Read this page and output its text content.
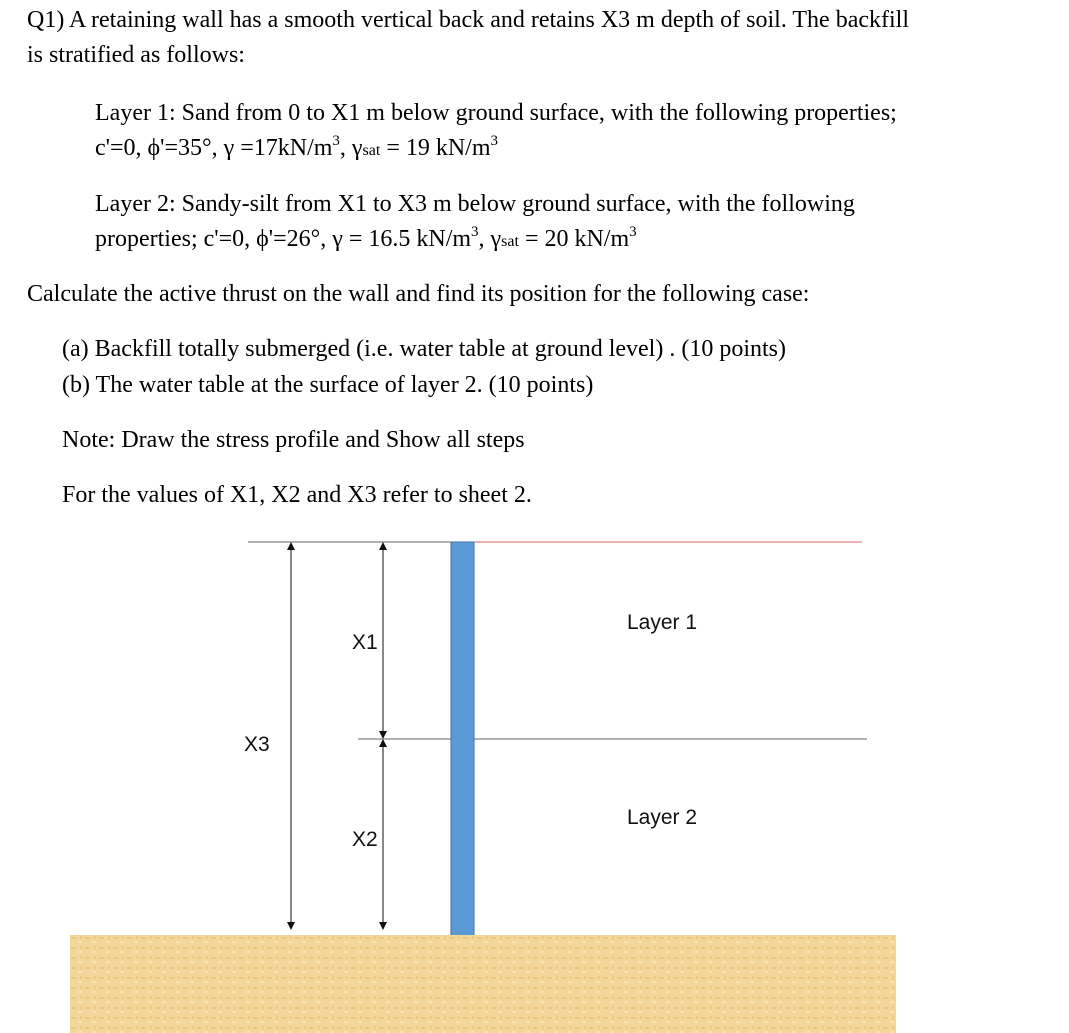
Q1) A retaining wall has a smooth vertical back and retains X3 m depth of soil. The backfill
is stratified as follows:

Layer 1: Sand from 0 to X1 m below ground surface, with the following properties;
c'=0, ϕ'=35°, $\gamma =17kN/m^3$, γsat = 19 $kN/m^3$

Layer 2: Sandy-silt from X1 to X3 m below ground surface, with the following
properties; c'=0, ϕ'=26°, γ = 16.5 $kN/m^3$, γsat = 20 $kN/m^3$

Calculate the active thrust on the wall and find its position for the following case:

(a) Backfill totally submerged (i.e. water table at ground level) . (10 points)

(b) The water table at the surface of layer 2. (10 points)

Note: Draw the stress profile and Show all steps

For the values of X1, X2 and X3 refer to sheet 2.

X3
X1
X2
Layer 1
Layer 2
